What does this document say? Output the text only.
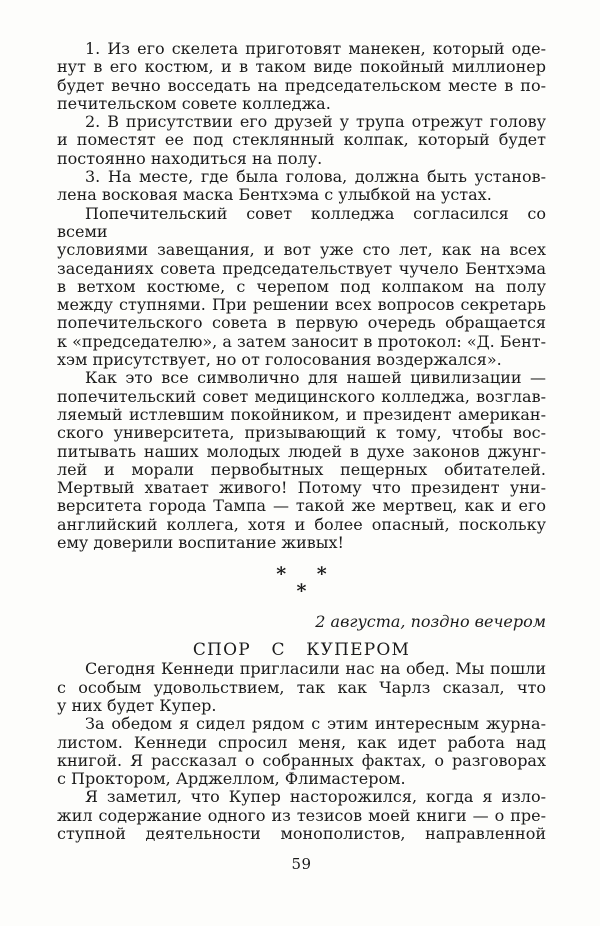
1. Из его скелета приготовят манекен, который оде-
нут в его костюм, и в таком виде покойный миллионер
будет вечно восседать на председательском месте в по-
печительском совете колледжа.
2. В присутствии его друзей у трупа отрежут голову
и поместят ее под стеклянный колпак, который будет
постоянно находиться на полу.
3. На месте, где была голова, должна быть установ-
лена восковая маска Бентхэма с улыбкой на устах.
Попечительский совет колледжа согласился со всеми
условиями завещания, и вот уже сто лет, как на всех
заседаниях совета председательствует чучело Бентхэма
в ветхом костюме, с черепом под колпаком на полу
между ступнями. При решении всех вопросов секретарь
попечительского совета в первую очередь обращается
к «председателю», а затем заносит в протокол: «Д. Бент-
хэм присутствует, но от голосования воздержался».
Как это все символично для нашей цивилизации —
попечительский совет медицинского колледжа, возглав-
ляемый истлевшим покойником, и президент американ-
ского университета, призывающий к тому, чтобы вос-
питывать наших молодых людей в духе законов джунг-
лей и морали первобытных пещерных обитателей.
Мертвый хватает живого! Потому что президент уни-
верситета города Тампа — такой же мертвец, как и его
английский коллега, хотя и более опасный, поскольку
ему доверили воспитание живых!
* *
*
2 августа, поздно вечером
СПОР С КУПЕРОМ
Сегодня Кеннеди пригласили нас на обед. Мы пошли
с особым удовольствием, так как Чарлз сказал, что
у них будет Купер.
За обедом я сидел рядом с этим интересным журна-
листом. Кеннеди спросил меня, как идет работа над
книгой. Я рассказал о собранных фактах, о разговорах
с Проктором, Арджеллом, Флимастером.
Я заметил, что Купер насторожился, когда я изло-
жил содержание одного из тезисов моей книги — о пре-
ступной деятельности монополистов, направленной
59
